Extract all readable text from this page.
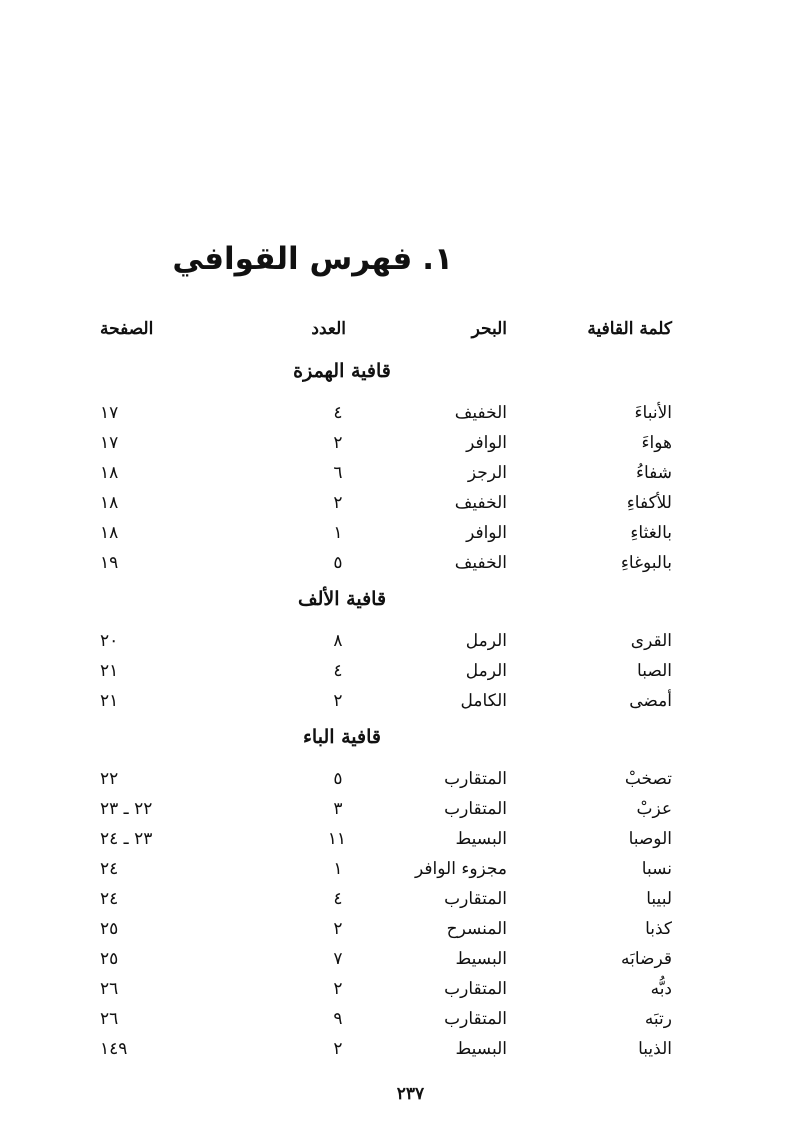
١.فهرس القوافي
كلمة القافية
البحر
العدد
الصفحة
قافية الهمزة
الأنباءَ
الخفيف
٤
١٧
هواءَ
الوافر
٢
١٧
شفاءُ
الرجز
٦
١٨
للأكفاءِ
الخفيف
٢
١٨
بالغثاءِ
الوافر
١
١٨
بالبوغاءِ
الخفيف
٥
١٩
قافية الألف
القرى
الرمل
٨
٢٠
الصبا
الرمل
٤
٢١
أمضى
الكامل
٢
٢١
قافية الباء
تصخبْ
المتقارب
٥
٢٢
عزبْ
المتقارب
٣
٢٢ ـ ٢٣
الوصبا
البسيط
١١
٢٣ ـ ٢٤
نسبا
مجزوء الوافر
١
٢٤
لبيبا
المتقارب
٤
٢٤
كذبا
المنسرح
٢
٢٥
قرضابَه
البسيط
٧
٢٥
دبُّه
المتقارب
٢
٢٦
رتبَه
المتقارب
٩
٢٦
الذيبا
البسيط
٢
١٤٩
٢٣٧
